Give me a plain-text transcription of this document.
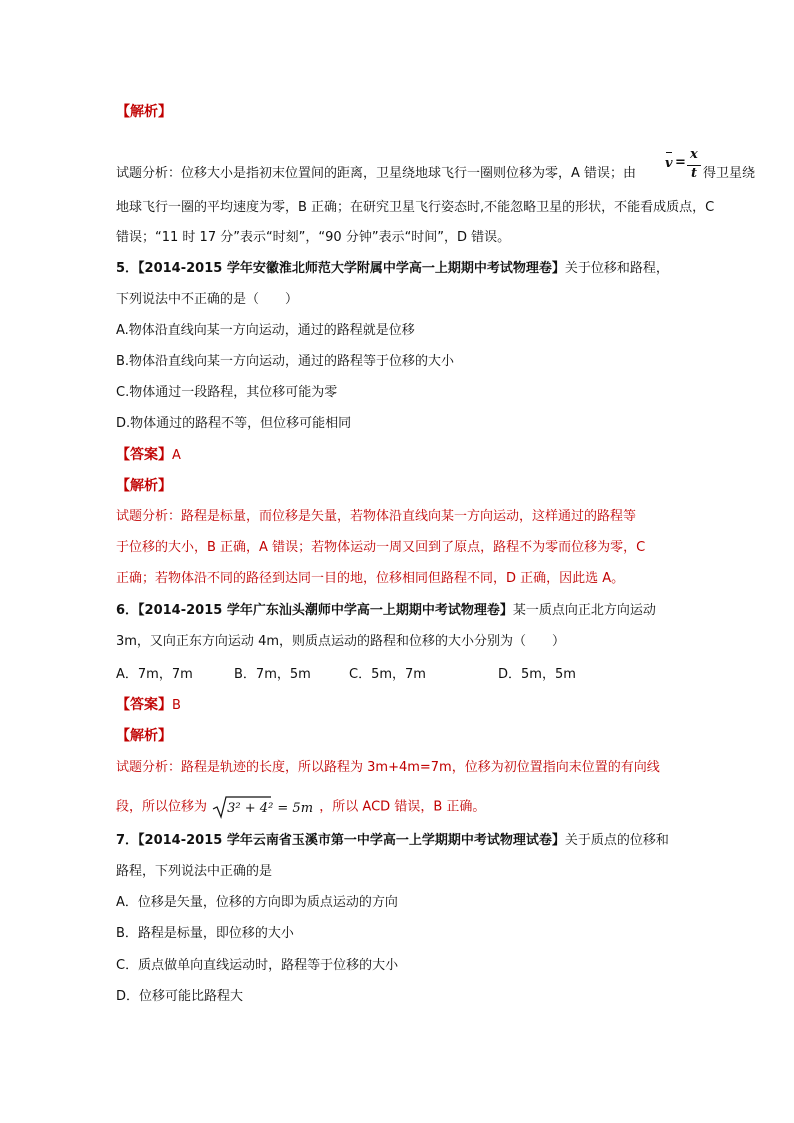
【解析】
试题分析：位移大小是指初末位置间的距离，卫星绕地球飞行一圈则位移为零，A 错误；由
v =
x
t 得卫星绕
地球飞行一圈的平均速度为零，B 正确；在研究卫星飞行姿态时,不能忽略卫星的形状，不能看成质点，C
错误；“11 时 17 分”表示“时刻”，“90 分钟”表示“时间”，D 错误。
5．【2014-2015 学年安徽淮北师范大学附属中学高一上期期中考试物理卷】关于位移和路程，
下列说法中不正确的是（　　）
A.物体沿直线向某一方向运动，通过的路程就是位移
B.物体沿直线向某一方向运动，通过的路程等于位移的大小
C.物体通过一段路程，其位移可能为零
D.物体通过的路程不等，但位移可能相同
【答案】A
【解析】
试题分析：路程是标量，而位移是矢量，若物体沿直线向某一方向运动，这样通过的路程等
于位移的大小，B 正确，A 错误；若物体运动一周又回到了原点，路程不为零而位移为零，C
正确；若物体沿不同的路径到达同一目的地，位移相同但路程不同，D 正确，因此选 A。
6．【2014-2015 学年广东汕头潮师中学高一上期期中考试物理卷】某一质点向正北方向运动
3m，又向正东方向运动 4m，则质点运动的路程和位移的大小分别为（　　）
A．7m，7m	B．7m，5m	C．5m，7m	D．5m，5m
【答案】B
【解析】
试题分析：路程是轨迹的长度，所以路程为 3m+4m=7m，位移为初位置指向末位置的有向线
段，所以位移为 3² + 4² = 5m ，所以 ACD 错误，B 正确。
7．【2014-2015 学年云南省玉溪市第一中学高一上学期期中考试物理试卷】关于质点的位移和
路程，下列说法中正确的是
A．位移是矢量，位移的方向即为质点运动的方向
B．路程是标量，即位移的大小
C．质点做单向直线运动时，路程等于位移的大小
D．位移可能比路程大
